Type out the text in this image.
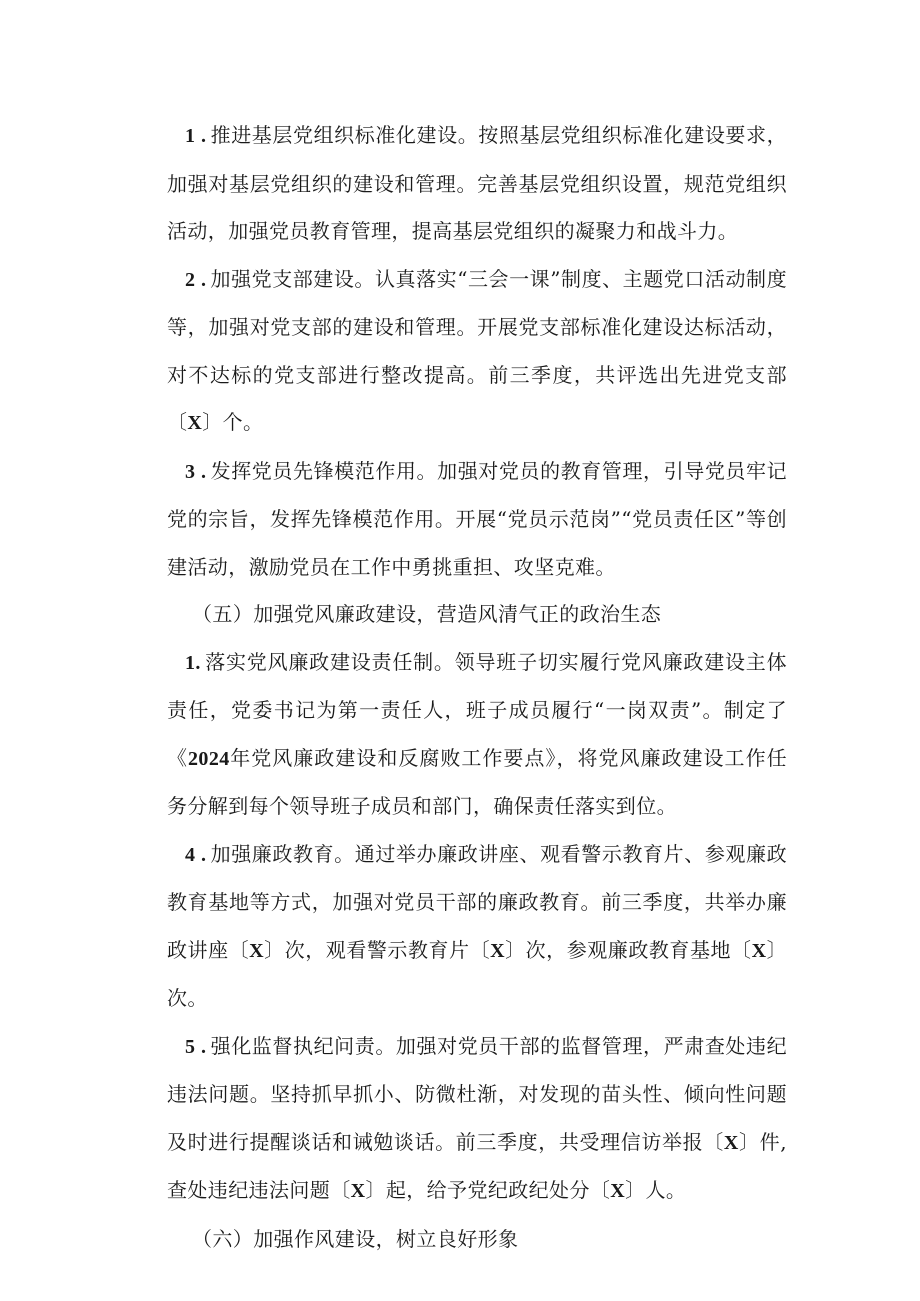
1 . 推进基层党组织标准化建设。按照基层党组织标准化建设要求，加强对基层党组织的建设和管理。完善基层党组织设置，规范党组织活动，加强党员教育管理，提高基层党组织的凝聚力和战斗力。

2 . 加强党支部建设。认真落实“三会一课”制度、主题党口活动制度等，加强对党支部的建设和管理。开展党支部标准化建设达标活动，对不达标的党支部进行整改提高。前三季度，共评选出先进党支部〔X〕个。

3 . 发挥党员先锋模范作用。加强对党员的教育管理，引导党员牢记党的宗旨，发挥先锋模范作用。开展“党员示范岗”“党员责任区”等创建活动，激励党员在工作中勇挑重担、攻坚克难。

（五）加强党风廉政建设，营造风清气正的政治生态

1. 落实党风廉政建设责任制。领导班子切实履行党风廉政建设主体责任，党委书记为第一责任人，班子成员履行“一岗双责”。制定了《2024年党风廉政建设和反腐败工作要点》，将党风廉政建设工作任务分解到每个领导班子成员和部门，确保责任落实到位。

4 . 加强廉政教育。通过举办廉政讲座、观看警示教育片、参观廉政教育基地等方式，加强对党员干部的廉政教育。前三季度，共举办廉政讲座〔X〕次，观看警示教育片〔X〕次，参观廉政教育基地〔X〕次。

5 . 强化监督执纪问责。加强对党员干部的监督管理，严肃查处违纪违法问题。坚持抓早抓小、防微杜渐，对发现的苗头性、倾向性问题及时进行提醒谈话和诫勉谈话。前三季度，共受理信访举报〔X〕件,查处违纪违法问题〔X〕起，给予党纪政纪处分〔X〕人。

（六）加强作风建设，树立良好形象
